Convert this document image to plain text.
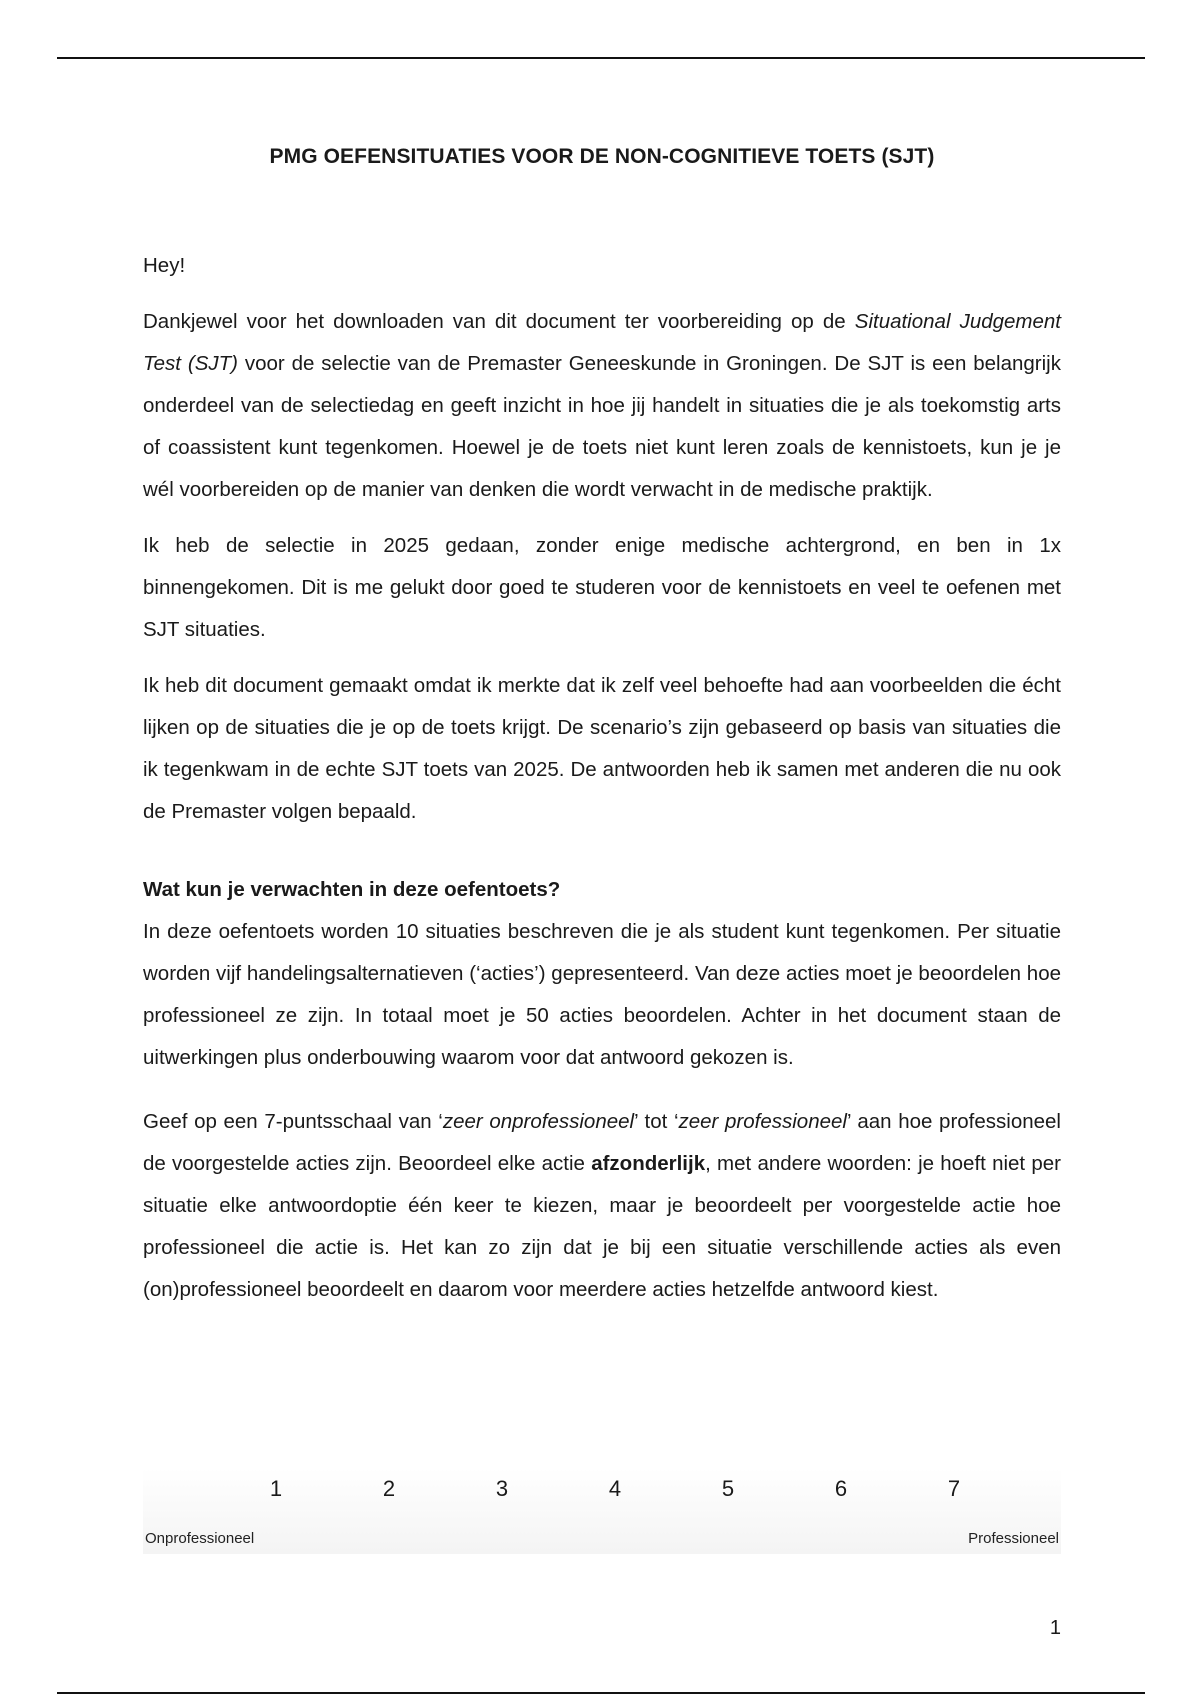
PMG OEFENSITUATIES VOOR DE NON-COGNITIEVE TOETS (SJT)

Hey!

Dankjewel voor het downloaden van dit document ter voorbereiding op de Situational Judgement Test (SJT) voor de selectie van de Premaster Geneeskunde in Groningen. De SJT is een belangrijk onderdeel van de selectiedag en geeft inzicht in hoe jij handelt in situaties die je als toekomstig arts of coassistent kunt tegenkomen. Hoewel je de toets niet kunt leren zoals de kennistoets, kun je je wél voorbereiden op de manier van denken die wordt verwacht in de medische praktijk.

Ik heb de selectie in 2025 gedaan, zonder enige medische achtergrond, en ben in 1x binnengekomen. Dit is me gelukt door goed te studeren voor de kennistoets en veel te oefenen met SJT situaties.

Ik heb dit document gemaakt omdat ik merkte dat ik zelf veel behoefte had aan voorbeelden die écht lijken op de situaties die je op de toets krijgt. De scenario’s zijn gebaseerd op basis van situaties die ik tegenkwam in de echte SJT toets van 2025. De antwoorden heb ik samen met anderen die nu ook de Premaster volgen bepaald.

Wat kun je verwachten in deze oefentoets?

In deze oefentoets worden 10 situaties beschreven die je als student kunt tegenkomen. Per situatie worden vijf handelingsalternatieven (‘acties’) gepresenteerd. Van deze acties moet je beoordelen hoe professioneel ze zijn. In totaal moet je 50 acties beoordelen. Achter in het document staan de uitwerkingen plus onderbouwing waarom voor dat antwoord gekozen is.

Geef op een 7-puntsschaal van ‘zeer onprofessioneel’ tot ‘zeer professioneel’ aan hoe professioneel de voorgestelde acties zijn. Beoordeel elke actie afzonderlijk, met andere woorden: je hoeft niet per situatie elke antwoordoptie één keer te kiezen, maar je beoordeelt per voorgestelde actie hoe professioneel die actie is. Het kan zo zijn dat je bij een situatie verschillende acties als even (on)professioneel beoordeelt en daarom voor meerdere acties hetzelfde antwoord kiest.

1	2	3	4	5	6	7
Onprofessioneel	Professioneel
1
